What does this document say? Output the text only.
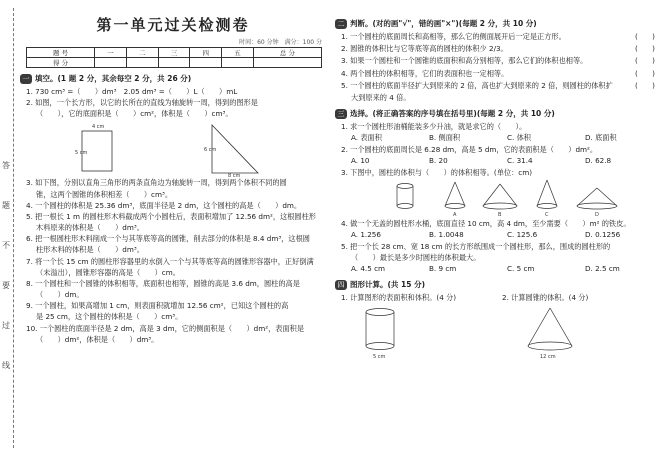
答
题
不
要
过
线
第一单元过关检测卷
时间：60 分钟　满分：100 分
题 号	一	二	三	四	五	总 分
得 分						
一 填空。(1 题 2 分，其余每空 2 分，共 26 分)
1. 730 cm³ =（　　）dm³　2.05 dm³ =（　　）L（　　）mL
2. 如图，一个长方形，以它的长所在的直线为轴旋转一周，得到的图形是
（　　），它的底面积是（　　）cm²，体积是（　　）cm³。
4 cm
5 cm	6 cm
8 cm
3. 如下图，分别以直角三角形的两条直角边为轴旋转一周，得到两个体积不同的圆
锥，这两个圆锥的体积相差（　　）cm³。
4. 一个圆柱的体积是 25.36 dm³，底面半径是 2 dm，这个圆柱的高是（　　）dm。
5. 把一根长 1 m 的圆柱形木料截成两个小圆柱后，表面积增加了 12.56 dm²，这根圆柱形
木料原来的体积是（　　）dm³。
6. 把一根圆柱形木料削成一个与其等底等高的圆锥，削去部分的体积是 8.4 dm³，这根圆
柱形木料的体积是（　　）dm³。
7. 将一个长 15 cm 的圆柱形容器里的水倒入一个与其等底等高的圆锥形容器中，正好倒满
（未溢出），圆锥形容器的高是（　　）cm。
8. 一个圆柱和一个圆锥的体积相等，底面积也相等，圆锥的高是 3.6 dm，圆柱的高是
（　　）dm。
9. 一个圆柱，如果高增加 1 cm，则表面积就增加 12.56 cm²，已知这个圆柱的高
是 25 cm，这个圆柱的体积是（　　）cm³。
10. 一个圆柱的底面半径是 2 dm，高是 3 dm，它的侧面积是（　　）dm²，表面积是
（　　）dm²，体积是（　　）dm³。
二 判断。(对的画"√"，错的画"×")(每题 2 分，共 10 分)
1. 一个圆柱的底面周长和高相等，那么它的侧面展开后一定是正方形。	(　　)
2. 圆锥的体积比与它等底等高的圆柱的体积少 2/3。	(　　)
3. 如果一个圆柱和一个圆锥的底面积和高分别相等，那么它们的体积也相等。	(　　)
4. 两个圆柱的体积相等，它们的表面积也一定相等。	(　　)
5. 一个圆柱的底面半径扩大到原来的 2 倍，高也扩大到原来的 2 倍，则圆柱的体积扩	(　　)
大到原来的 4 倍。
三 选择。(将正确答案的序号填在括号里)(每题 2 分，共 10 分)
1. 求一个圆柱形油桶能装多少升油，就是求它的（　　）。
A. 表面积	B. 侧面积	C. 体积	D. 底面积
2. 一个圆柱的底面周长是 6.28 dm，高是 5 dm，它的表面积是（　　）dm²。
A. 10	B. 20	C. 31.4	D. 62.8
3. 下图中，圆柱的体积与（　　）的体积相等。(单位：cm)
A	B	C	D
4. 做一个无盖的圆柱形水桶，底面直径 10 cm，高 4 dm，至少需要（　　）m² 的铁皮。
A. 1.256	B. 1.0048	C. 125.6	D. 0.1256
5. 把一个长 28 cm、宽 18 cm 的长方形纸围成一个圆柱形，那么，围成的圆柱形的
（　　）最长是多少时圆柱的体积最大。
A. 4.5 cm	B. 9 cm	C. 5 cm	D. 2.5 cm
四 图形计算。(共 15 分)
1. 计算图形的表面积和体积。(4 分)	2. 计算圆锥的体积。(4 分)
5 cm	12 cm
